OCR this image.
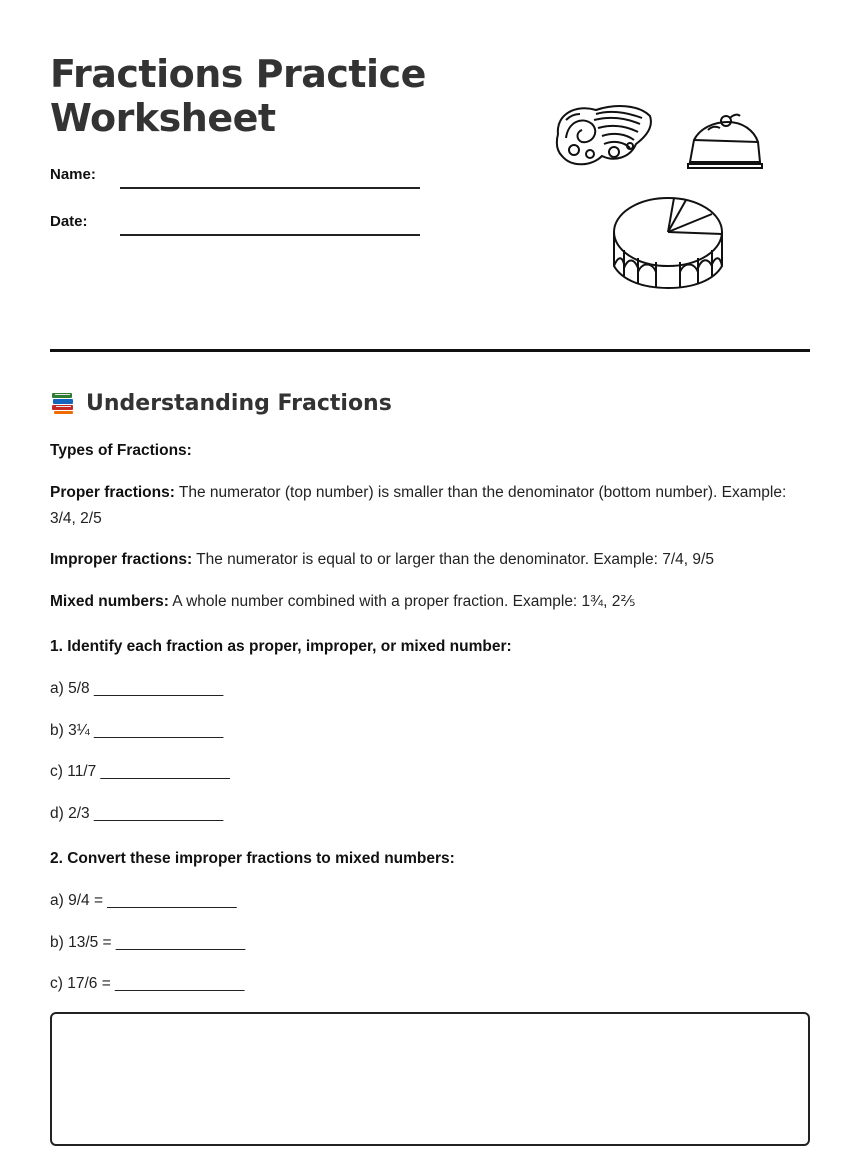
Fractions Practice
Worksheet
Name:
Date:
Understanding Fractions
Types of Fractions:
Proper fractions: The numerator (top number) is smaller than the denominator (bottom number). Example: 3/4, 2/5
Improper fractions: The numerator is equal to or larger than the denominator. Example: 7/4, 9/5
Mixed numbers: A whole number combined with a proper fraction. Example: 1¾, 2⅖
1. Identify each fraction as proper, improper, or mixed number:
a) 5/8 _______________
b) 3¼ _______________
c) 11/7 _______________
d) 2/3 _______________
2. Convert these improper fractions to mixed numbers:
a) 9/4 = _______________
b) 13/5 = _______________
c) 17/6 = _______________
